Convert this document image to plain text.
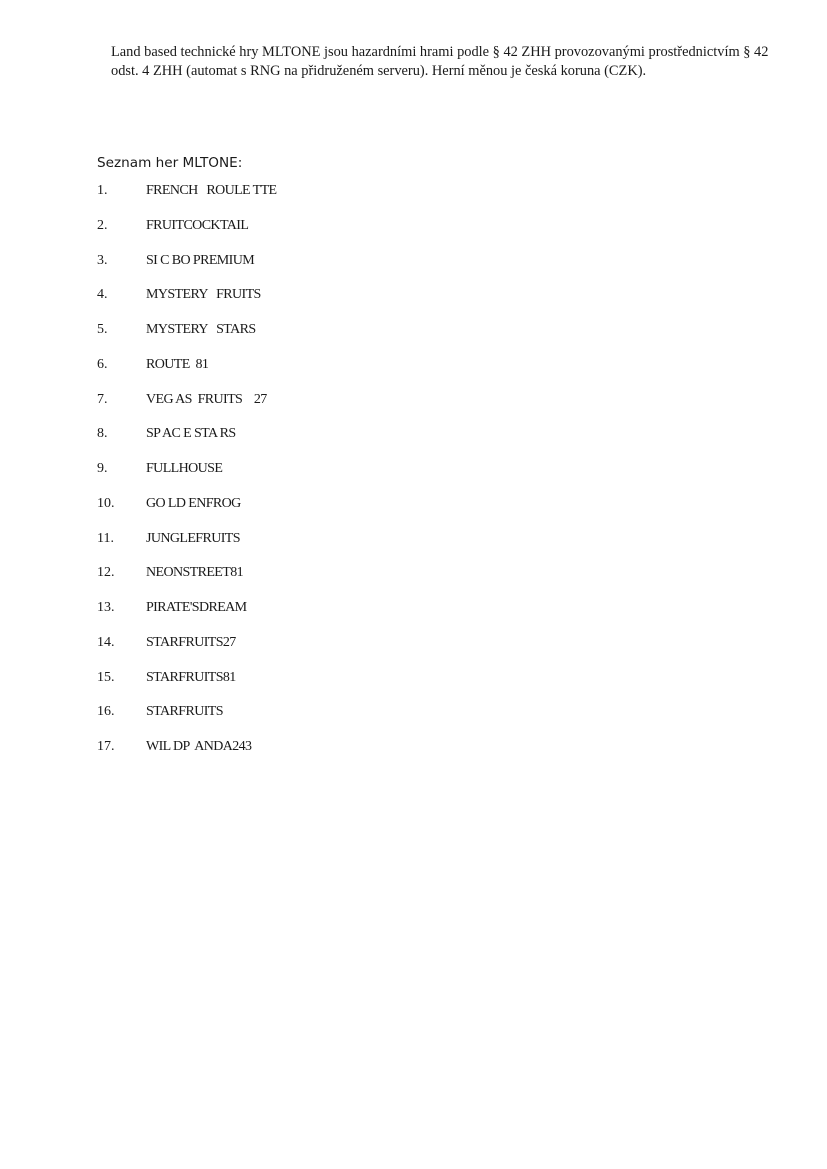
Land based technické hry MLTONE jsou hazardními hrami podle § 42 ZHH provozovanými prostřednictvím § 42 odst. 4 ZHH (automat s RNG na přidruženém serveru). Herní měnou je česká koruna (CZK).

Seznam her MLTONE:

1.	FRENCH   ROULE TTE
2.	FRUITCOCKTAIL
3.	SI C BO PREMIUM
4.	MYSTERY   FRUITS
5.	MYSTERY   STARS
6.	ROUTE  81
7.	VEG AS  FRUITS    27
8.	SP AC E STA RS
9.	FULLHOUSE
10. GO LD ENFROG
11. JUNGLEFRUITS
12. NEONSTREET81
13. PIRATE'SDREAM
14. STARFRUITS27
15. STARFRUITS81
16. STARFRUITS
17. WIL DP  ANDA243
